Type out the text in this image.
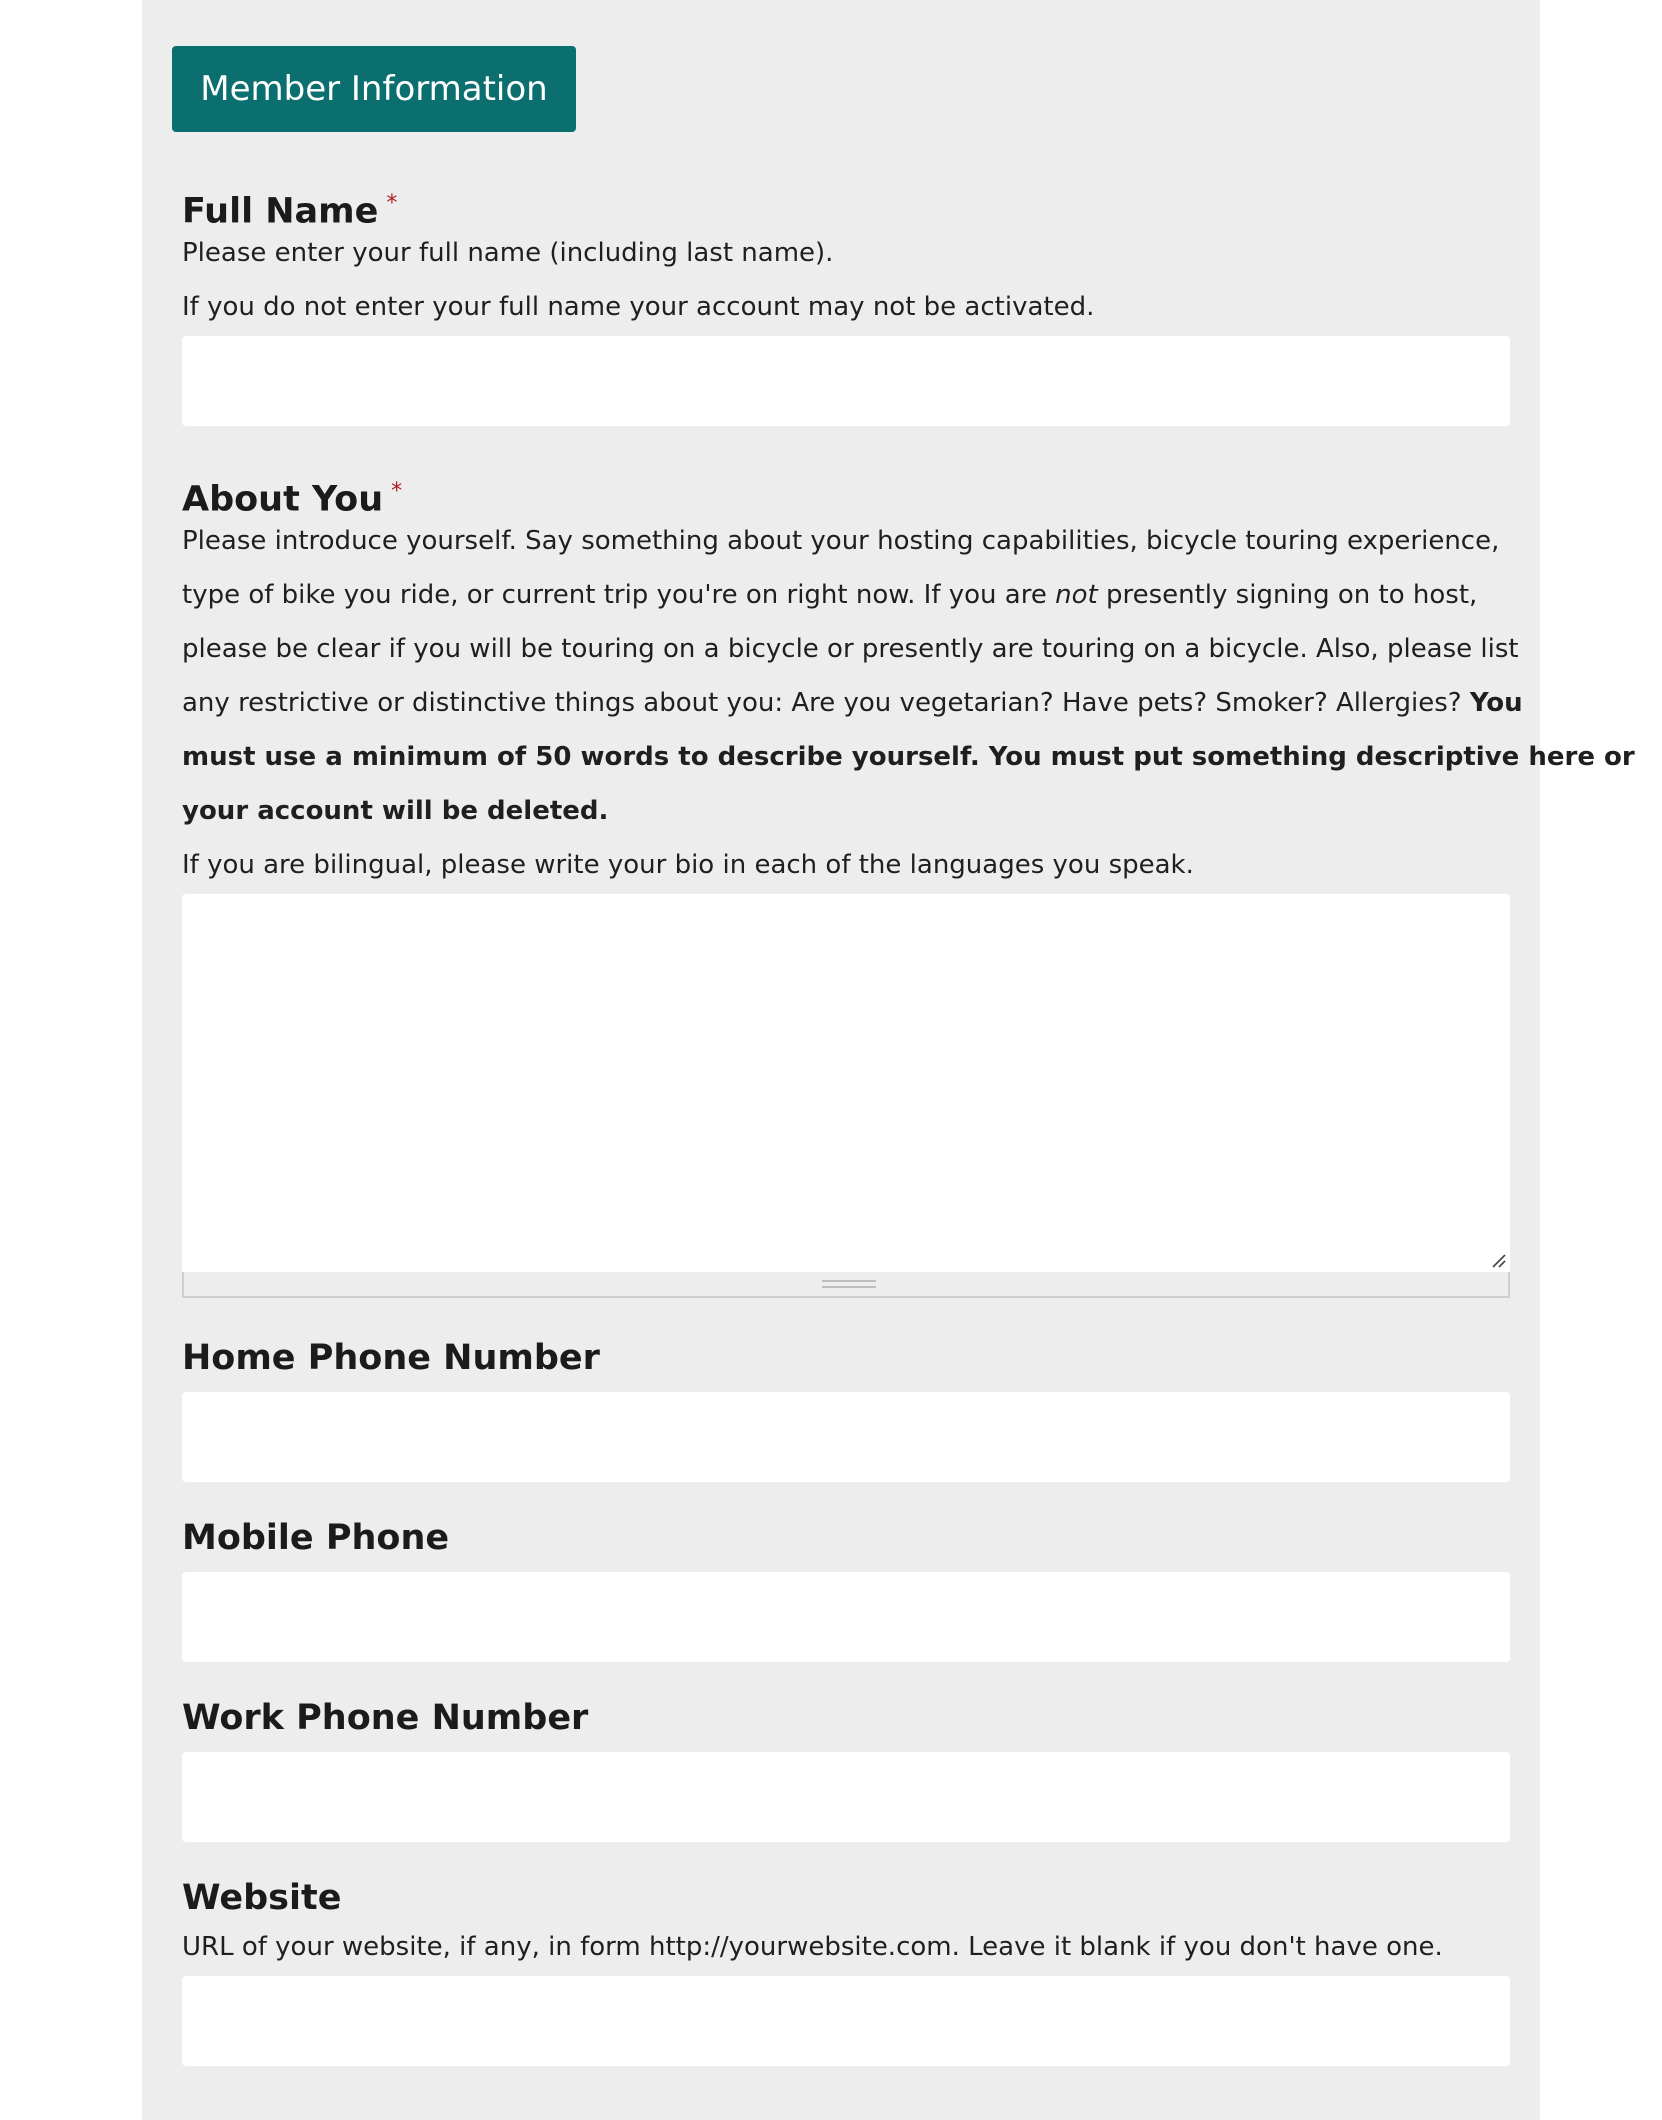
Member Information
Full Name *
Please enter your full name (including last name).
If you do not enter your full name your account may not be activated.
About You *
Please introduce yourself. Say something about your hosting capabilities, bicycle touring experience,
type of bike you ride, or current trip you're on right now. If you are not presently signing on to host,
please be clear if you will be touring on a bicycle or presently are touring on a bicycle. Also, please list
any restrictive or distinctive things about you: Are you vegetarian? Have pets? Smoker? Allergies? You
must use a minimum of 50 words to describe yourself. You must put something descriptive here or
your account will be deleted.
If you are bilingual, please write your bio in each of the languages you speak.
Home Phone Number
Mobile Phone
Work Phone Number
Website
URL of your website, if any, in form http://yourwebsite.com. Leave it blank if you don't have one.
